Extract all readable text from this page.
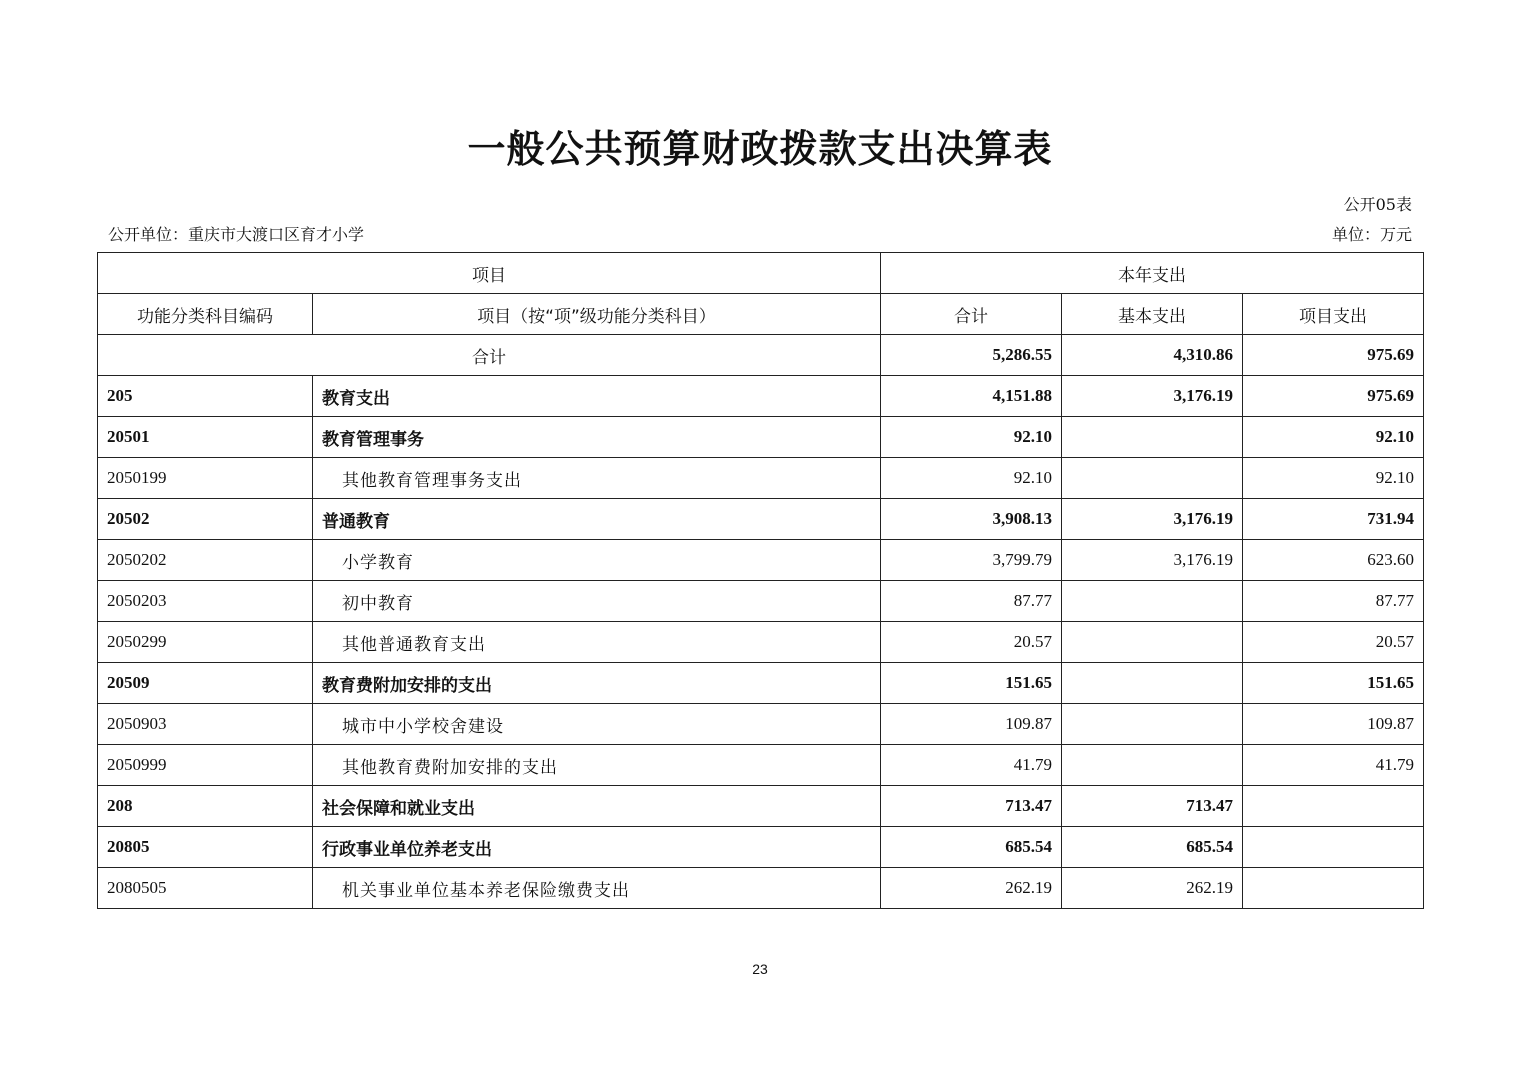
一般公共预算财政拨款支出决算表
公开05表
公开单位：重庆市大渡口区育才小学	单位：万元
项目		本年支出		
功能分类科目编码	项目（按“项”级功能分类科目）	合计	基本支出	项目支出
合计		5,286.55	4,310.86	975.69
205	教育支出	4,151.88	3,176.19	975.69
20501	教育管理事务	92.10		92.10
2050199	其他教育管理事务支出	92.10		92.10
20502	普通教育	3,908.13	3,176.19	731.94
2050202	小学教育	3,799.79	3,176.19	623.60
2050203	初中教育	87.77		87.77
2050299	其他普通教育支出	20.57		20.57
20509	教育费附加安排的支出	151.65		151.65
2050903	城市中小学校舍建设	109.87		109.87
2050999	其他教育费附加安排的支出	41.79		41.79
208	社会保障和就业支出	713.47	713.47	
20805	行政事业单位养老支出	685.54	685.54	
2080505	机关事业单位基本养老保险缴费支出	262.19	262.19	
23
